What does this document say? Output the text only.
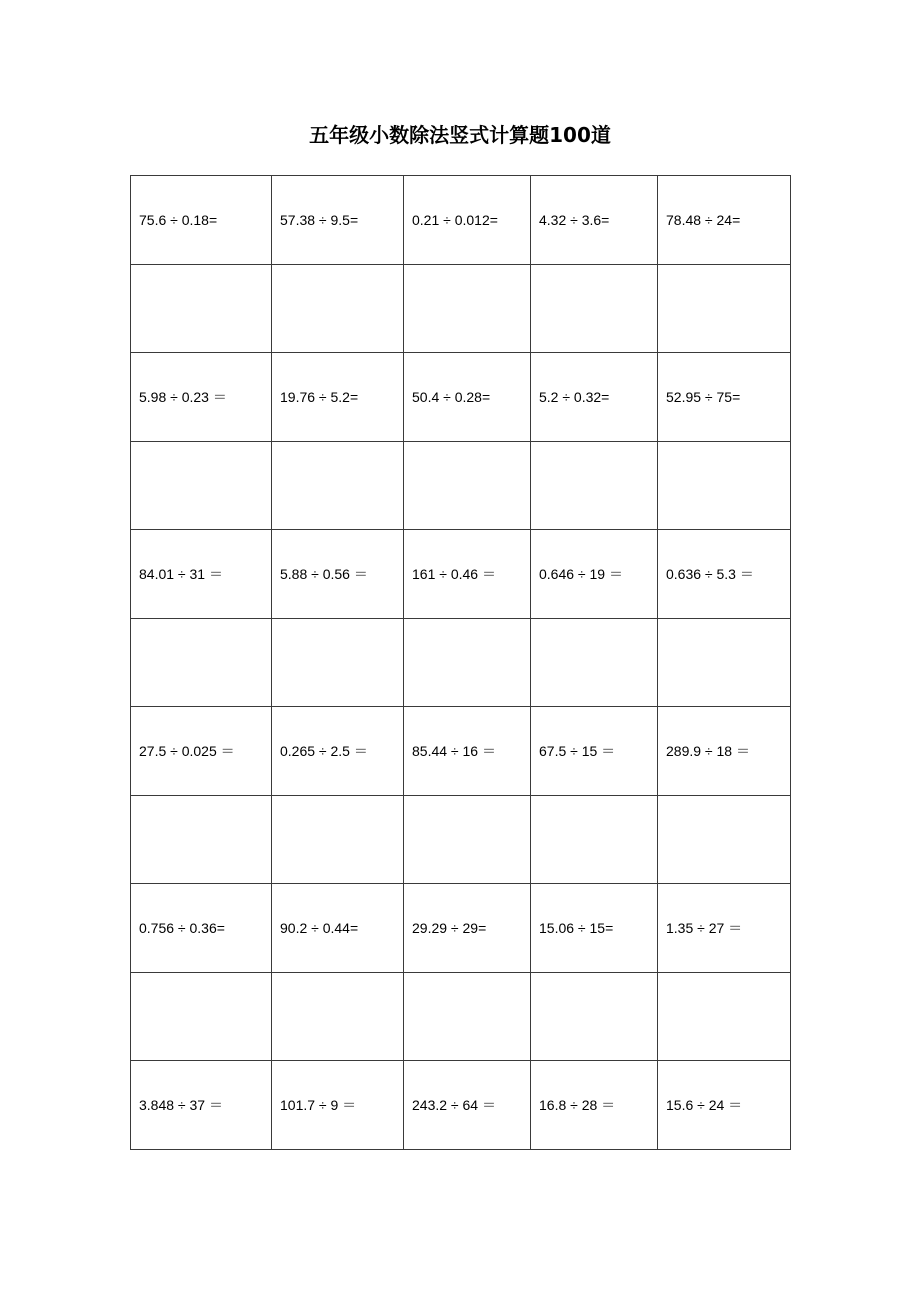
五年级小数除法竖式计算题100道
75.6 ÷ 0.18=	57.38 ÷ 9.5=	0.21 ÷ 0.012=	4.32 ÷ 3.6=	78.48 ÷ 24=

5.98 ÷ 0.23 ＝	19.76 ÷ 5.2=	50.4 ÷ 0.28=	5.2 ÷ 0.32=	52.95 ÷ 75=

84.01 ÷ 31 ＝	5.88 ÷ 0.56 ＝	161 ÷ 0.46 ＝	0.646 ÷ 19 ＝	0.636 ÷ 5.3 ＝

27.5 ÷ 0.025 ＝	0.265 ÷ 2.5 ＝	85.44 ÷ 16 ＝	67.5 ÷ 15 ＝	289.9 ÷ 18 ＝

0.756 ÷ 0.36=	90.2 ÷ 0.44=	29.29 ÷ 29=	15.06 ÷ 15=	1.35 ÷ 27 ＝

3.848 ÷ 37 ＝	101.7 ÷ 9 ＝	243.2 ÷ 64 ＝	16.8 ÷ 28 ＝	15.6 ÷ 24 ＝
